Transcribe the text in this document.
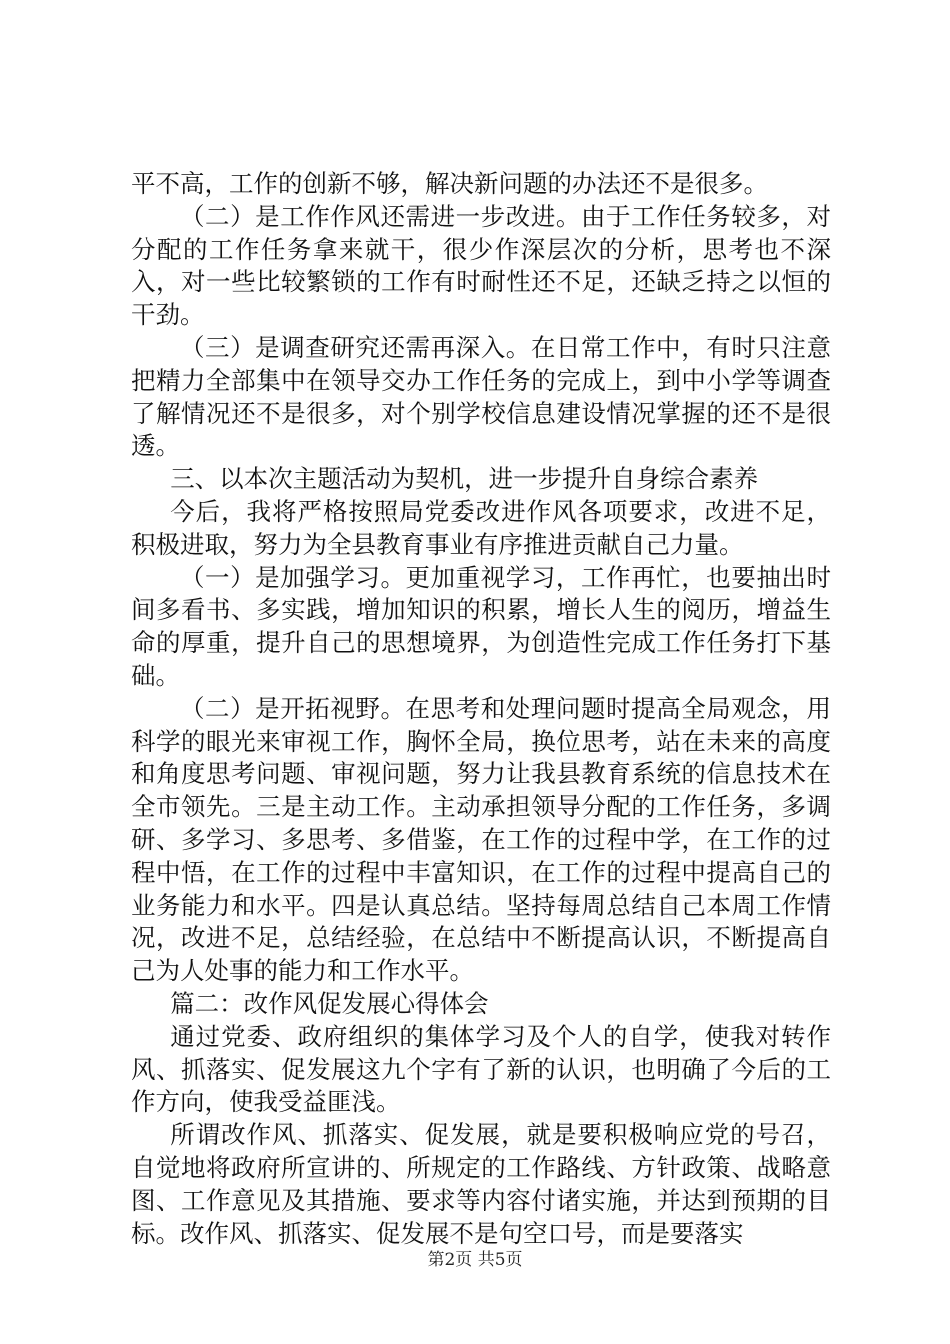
平不高，工作的创新不够，解决新问题的办法还不是很多。

（二）是工作作风还需进一步改进。由于工作任务较多，对分配的工作任务拿来就干，很少作深层次的分析，思考也不深入，对一些比较繁锁的工作有时耐性还不足，还缺乏持之以恒的干劲。

（三）是调查研究还需再深入。在日常工作中，有时只注意把精力全部集中在领导交办工作任务的完成上，到中小学等调查了解情况还不是很多，对个别学校信息建设情况掌握的还不是很透。

三、以本次主题活动为契机，进一步提升自身综合素养

今后，我将严格按照局党委改进作风各项要求，改进不足，积极进取，努力为全县教育事业有序推进贡献自己力量。

（一）是加强学习。更加重视学习，工作再忙，也要抽出时间多看书、多实践，增加知识的积累，增长人生的阅历，增益生命的厚重，提升自己的思想境界，为创造性完成工作任务打下基础。

（二）是开拓视野。在思考和处理问题时提高全局观念，用科学的眼光来审视工作，胸怀全局，换位思考，站在未来的高度和角度思考问题、审视问题，努力让我县教育系统的信息技术在全市领先。三是主动工作。主动承担领导分配的工作任务，多调研、多学习、多思考、多借鉴，在工作的过程中学，在工作的过程中悟，在工作的过程中丰富知识，在工作的过程中提高自己的业务能力和水平。四是认真总结。坚持每周总结自己本周工作情况，改进不足，总结经验，在总结中不断提高认识，不断提高自己为人处事的能力和工作水平。

篇二：改作风促发展心得体会

通过党委、政府组织的集体学习及个人的自学，使我对转作风、抓落实、促发展这九个字有了新的认识，也明确了今后的工作方向，使我受益匪浅。

所谓改作风、抓落实、促发展，就是要积极响应党的号召，自觉地将政府所宣讲的、所规定的工作路线、方针政策、战略意图、工作意见及其措施、要求等内容付诸实施，并达到预期的目标。改作风、抓落实、促发展不是句空口号，而是要落实

第2页 共5页
